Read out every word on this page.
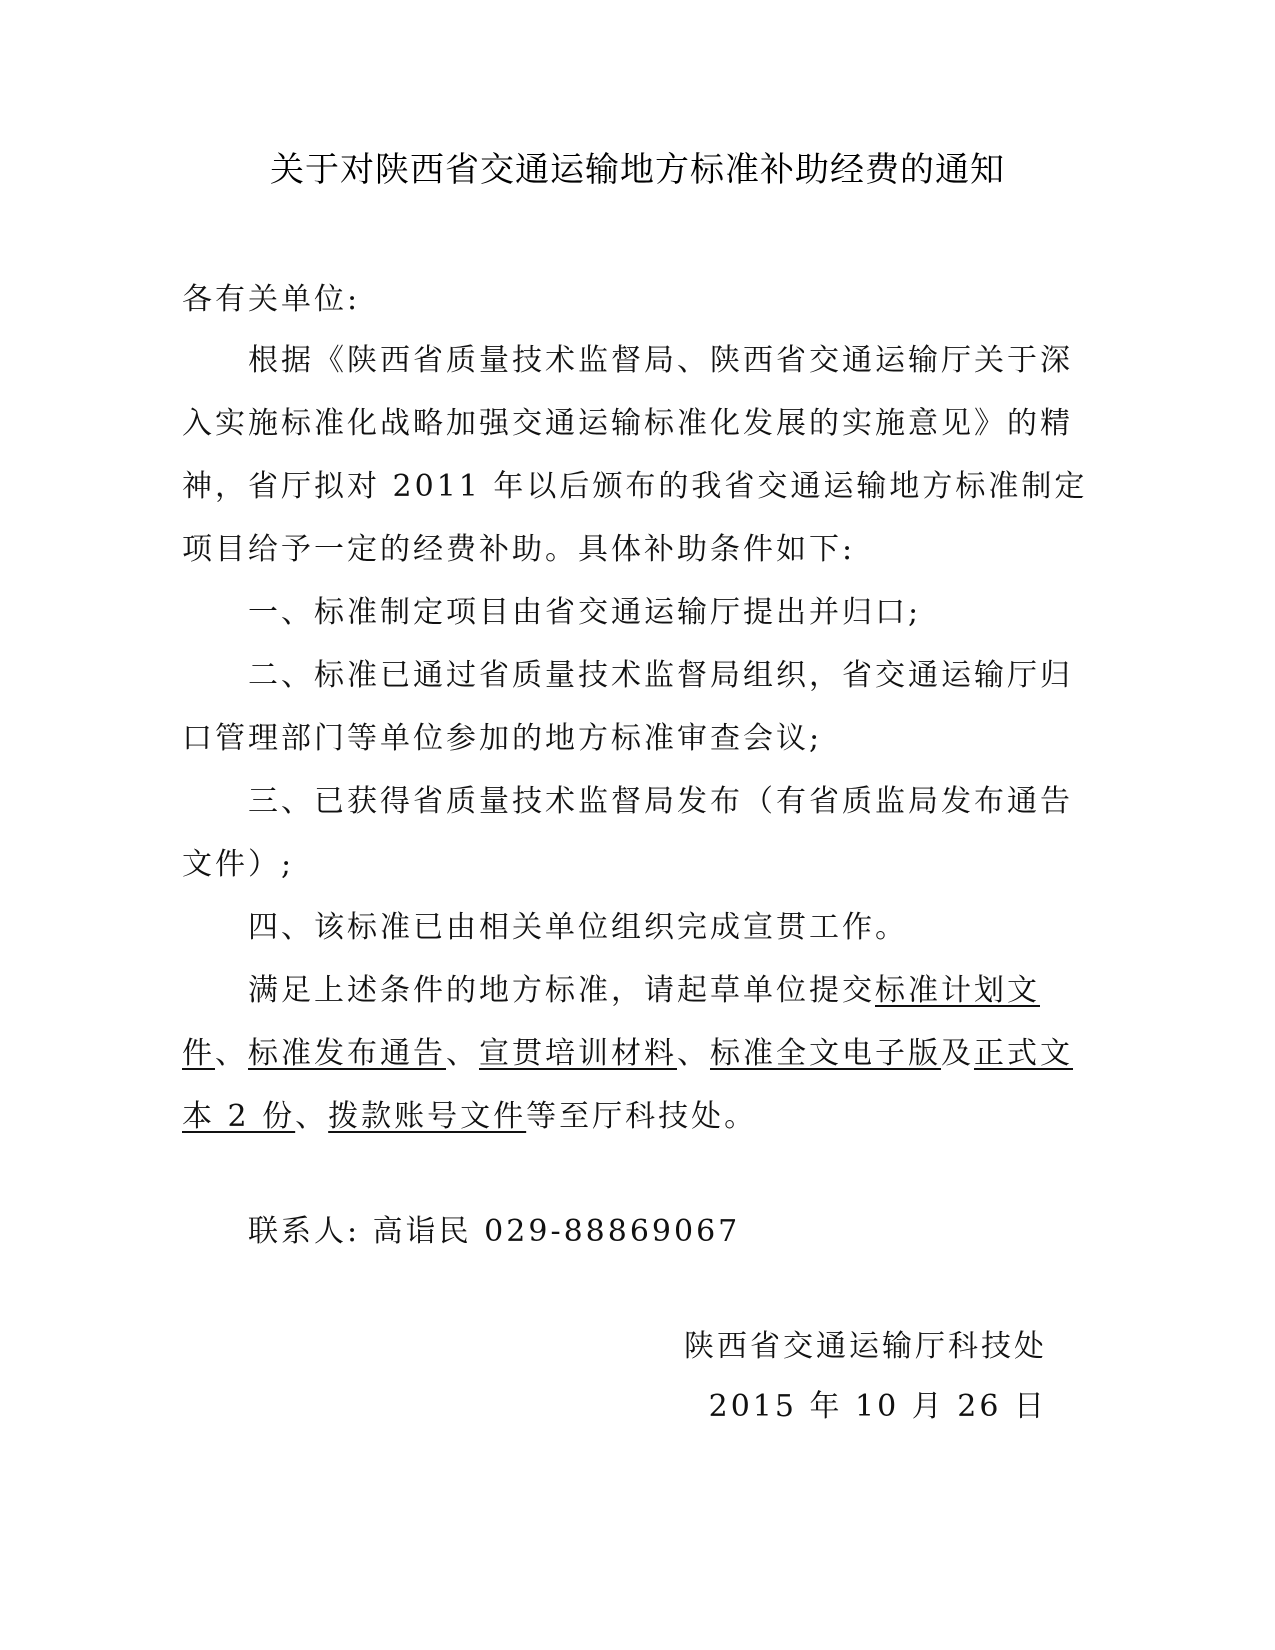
关于对陕西省交通运输地方标准补助经费的通知
各有关单位:
根据《陕西省质量技术监督局、陕西省交通运输厅关于深
入实施标准化战略加强交通运输标准化发展的实施意见》的精
神，省厅拟对 2011 年以后颁布的我省交通运输地方标准制定
项目给予一定的经费补助。具体补助条件如下:
一、标准制定项目由省交通运输厅提出并归口;
二、标准已通过省质量技术监督局组织，省交通运输厅归
口管理部门等单位参加的地方标准审查会议;
三、已获得省质量技术监督局发布（有省质监局发布通告
文件）;
四、该标准已由相关单位组织完成宣贯工作。
满足上述条件的地方标准，请起草单位提交标准计划文
件、标准发布通告、宣贯培训材料、标准全文电子版及正式文
本 2 份、拨款账号文件等至厅科技处。
联系人: 高诣民 029-88869067
陕西省交通运输厅科技处
2015 年 10 月 26 日
